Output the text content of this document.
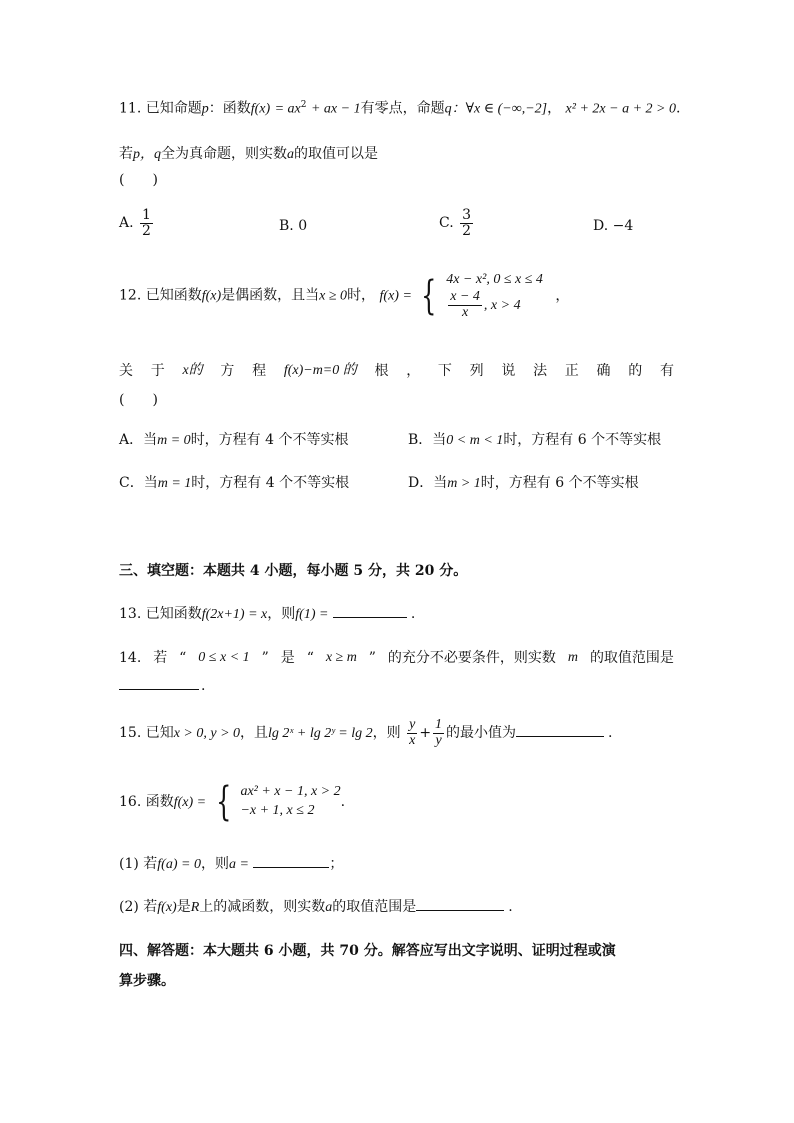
11. 已知命题p：函数$f(x) = ax^2$ + ax − 1有零点，命题q：∀x ∈ (−∞,−2]， x² + 2x − a + 2 > 0.
若p，q全为真命题，则实数a的取值可以是
(　　)
A. $\frac{1}{2}$	B. 0	C. $\frac{3}{2}$	D. −4
12. 已知函数f(x)是偶函数，且当x ≥ 0时， f(x) = { 4x − x², 0 ≤ x ≤ 4
$\frac{x - 4}{x}$ , x > 4
，
关 于 x的 方 程 f(x)−m=0 的 根 ， 下 列 说 法 正 确 的 有
(　　)
A．当m = 0时，方程有 4 个不等实根	B．当0 < m < 1时，方程有 6 个不等实根
C．当m = 1时，方程有 4 个不等实根	D．当m > 1时，方程有 6 个不等实根
三、填空题：本题共 4 小题，每小题 5 分，共 20 分。
13. 已知函数f(2x+1) = x，则f(1) =	.
14. 若 “ 0 ≤ x < 1 ” 是 “ x ≥ m ” 的充分不必要条件，则实数 m 的取值范围是
.
15. 已知x > 0, y > 0，且lg 2ˣ + lg 2ʸ = lg 2，则 $\frac{y}{x} + \frac{1}{y}$ 的最小值为	.
16. 函数f(x) = { ax² + x − 1, x > 2
−x + 1, x ≤ 2
.
(1) 若f(a) = 0，则a =	；
(2) 若f(x)是R上的减函数，则实数a的取值范围是	.
四、解答题：本大题共 6 小题，共 70 分。解答应写出文字说明、证明过程或演
算步骤。
